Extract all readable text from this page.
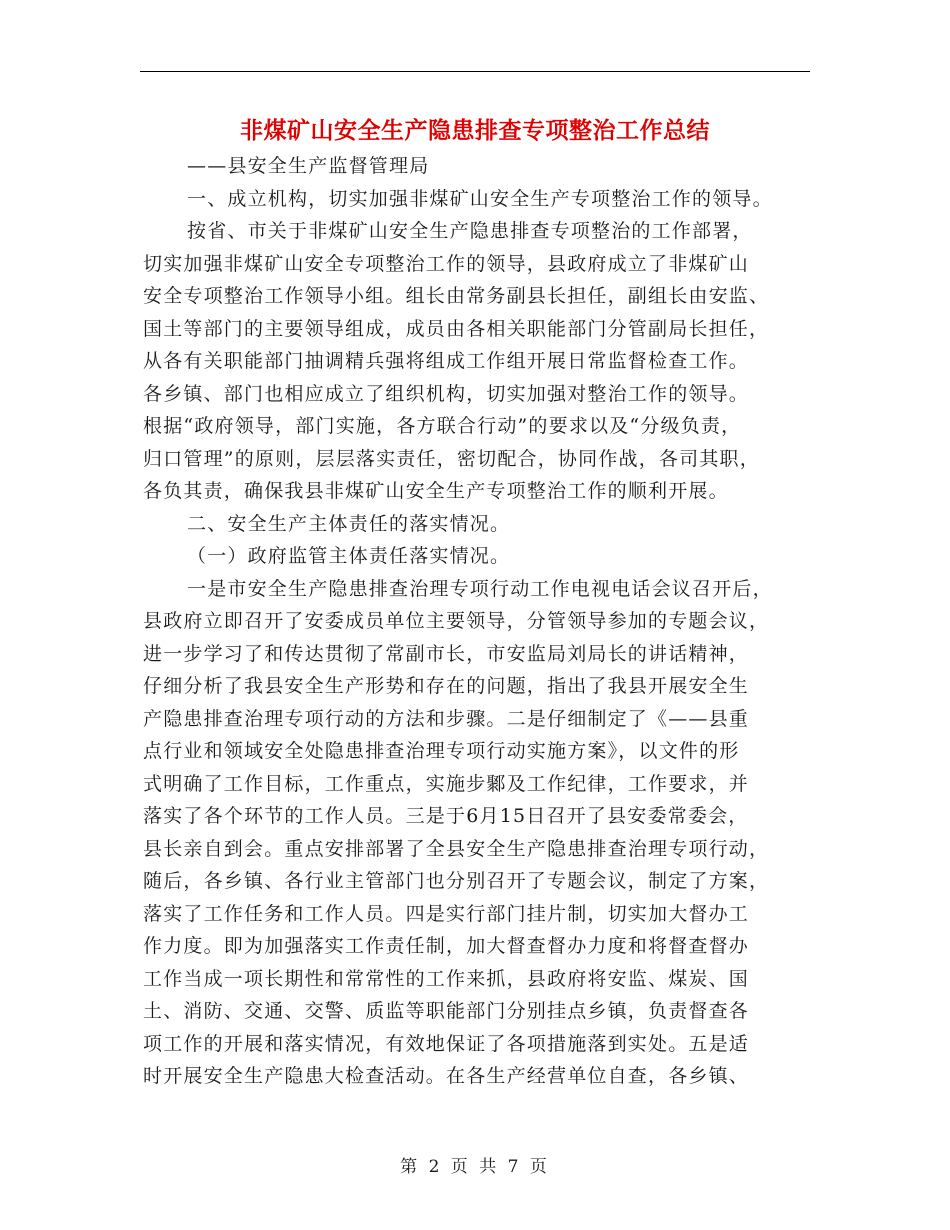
非煤矿山安全生产隐患排查专项整治工作总结
——县安全生产监督管理局
一、成立机构，切实加强非煤矿山安全生产专项整治工作的领导。
按省、市关于非煤矿山安全生产隐患排查专项整治的工作部署，
切实加强非煤矿山安全专项整治工作的领导，县政府成立了非煤矿山
安全专项整治工作领导小组。组长由常务副县长担任，副组长由安监、
国土等部门的主要领导组成，成员由各相关职能部门分管副局长担任，
从各有关职能部门抽调精兵强将组成工作组开展日常监督检查工作。
各乡镇、部门也相应成立了组织机构，切实加强对整治工作的领导。
根据“政府领导，部门实施，各方联合行动”的要求以及“分级负责，
归口管理”的原则，层层落实责任，密切配合，协同作战，各司其职，
各负其责，确保我县非煤矿山安全生产专项整治工作的顺利开展。
二、安全生产主体责任的落实情况。
（一）政府监管主体责任落实情况。
一是市安全生产隐患排查治理专项行动工作电视电话会议召开后，
县政府立即召开了安委成员单位主要领导，分管领导参加的专题会议，
进一步学习了和传达贯彻了常副市长，市安监局刘局长的讲话精神，
仔细分析了我县安全生产形势和存在的问题，指出了我县开展安全生
产隐患排查治理专项行动的方法和步骤。二是仔细制定了《——县重
点行业和领域安全处隐患排查治理专项行动实施方案》，以文件的形
式明确了工作目标，工作重点，实施步鄹及工作纪律，工作要求，并
落实了各个环节的工作人员。三是于6月15日召开了县安委常委会，
县长亲自到会。重点安排部署了全县安全生产隐患排查治理专项行动，
随后，各乡镇、各行业主管部门也分别召开了专题会议，制定了方案，
落实了工作任务和工作人员。四是实行部门挂片制，切实加大督办工
作力度。即为加强落实工作责任制，加大督查督办力度和将督查督办
工作当成一项长期性和常常性的工作来抓，县政府将安监、煤炭、国
土、消防、交通、交警、质监等职能部门分别挂点乡镇，负责督查各
项工作的开展和落实情况，有效地保证了各项措施落到实处。五是适
时开展安全生产隐患大检查活动。在各生产经营单位自查，各乡镇、
第 2 页 共 7 页
